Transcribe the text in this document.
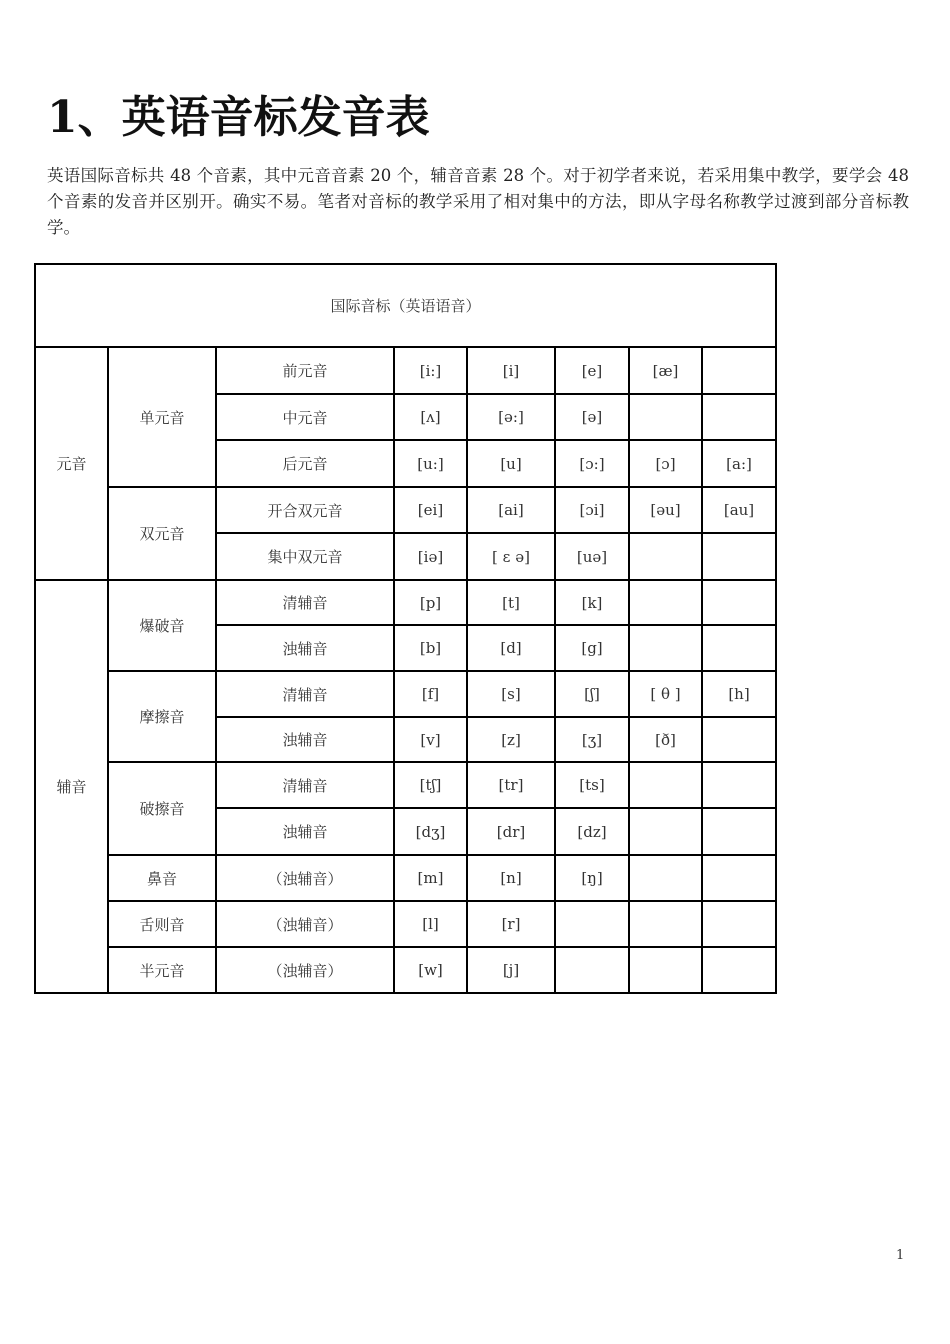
1、英语音标发音表

英语国际音标共 48 个音素，其中元音音素 20 个，辅音音素 28 个。对于初学者来说，若采用集中教学，要学会 48 个音素的发音并区别开。确实不易。笔者对音标的教学采用了相对集中的方法，即从字母名称教学过渡到部分音标教学。

国际音标（英语语音）							
元音	单元音	前元音	[i:]	[i]	[e]	[æ]	
		中元音	[ʌ]	[ə:]	[ə]		
		后元音	[u:]	[u]	[ɔ:]	[ɔ]	[a:]
	双元音	开合双元音	[ei]	[ai]	[ɔi]	[əu]	[au]
		集中双元音	[iə]	[ ɛ ə]	[uə]		
辅音	爆破音	清辅音	[p]	[t]	[k]		
		浊辅音	[b]	[d]	[g]		
	摩擦音	清辅音	[f]	[s]	[ʃ]	[ θ ]	[h]
		浊辅音	[v]	[z]	[ʒ]	[ð]	
	破擦音	清辅音	[tʃ]	[tr]	[ts]		
		浊辅音	[dʒ]	[dr]	[dz]		
	鼻音	（浊辅音）	[m]	[n]	[ŋ]		
	舌则音	（浊辅音）	[l]	[r]			
	半元音	（浊辅音）	[w]	[j]			
1
